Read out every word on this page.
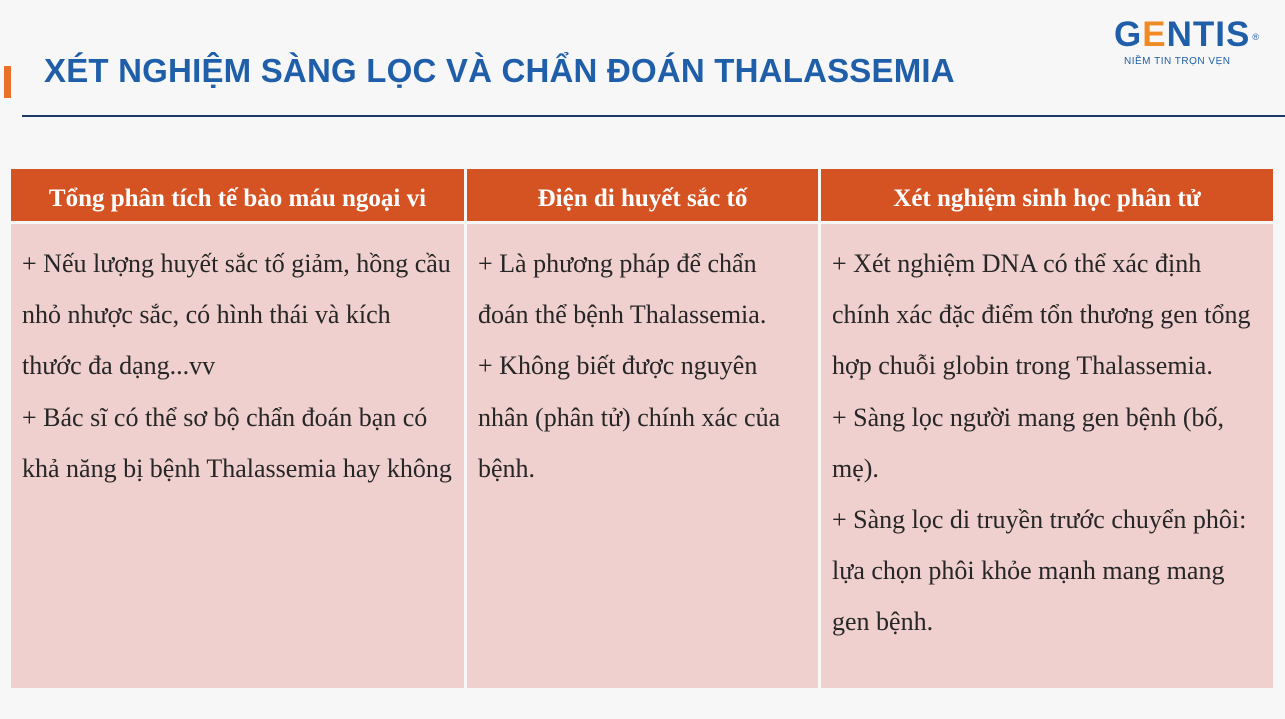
XÉT NGHIỆM SÀNG LỌC VÀ CHẨN ĐOÁN THALASSEMIA
G E NTIS ®
NIỀM TIN TRỌN VẸN
Tổng phân tích tế bào máu ngoại vi
+ Nếu lượng huyết sắc tố giảm, hồng cầu nhỏ nhược sắc, có hình thái và kích thước đa dạng...vv
+ Bác sĩ có thể sơ bộ chẩn đoán bạn có khả năng bị bệnh Thalassemia hay không
Điện di huyết sắc tố
+ Là phương pháp để chẩn đoán thể bệnh Thalassemia.
+ Không biết được nguyên nhân (phân tử) chính xác của bệnh.
Xét nghiệm sinh học phân tử
+ Xét nghiệm DNA có thể xác định chính xác đặc điểm tổn thương gen tổng hợp chuỗi globin trong Thalassemia.
+ Sàng lọc người mang gen bệnh (bố, mẹ).
+ Sàng lọc di truyền trước chuyển phôi: lựa chọn phôi khỏe mạnh mang mang gen bệnh.
